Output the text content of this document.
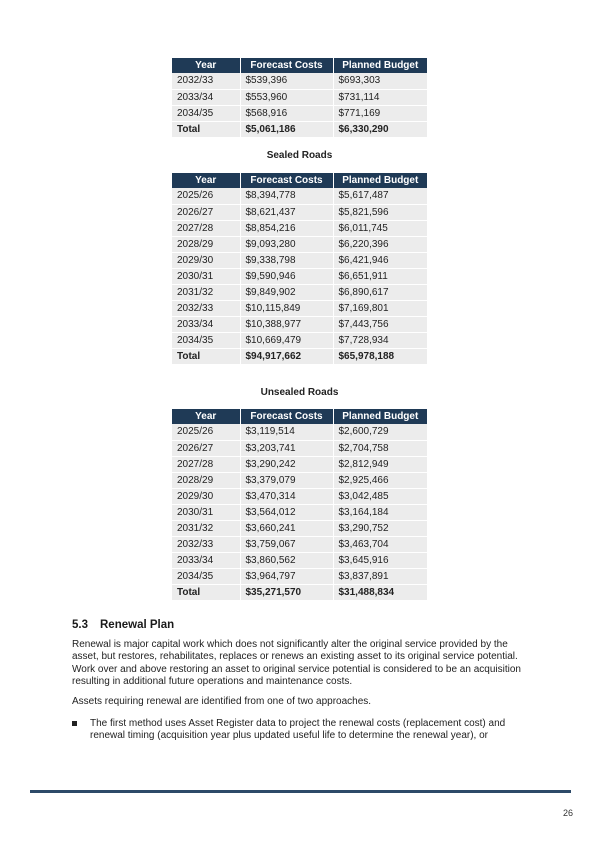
Year	Forecast Costs	Planned Budget
2032/33	$539,396	$693,303
2033/34	$553,960	$731,114
2034/35	$568,916	$771,169
Total	$5,061,186	$6,330,290
Sealed Roads
Year	Forecast Costs	Planned Budget
2025/26	$8,394,778	$5,617,487
2026/27	$8,621,437	$5,821,596
2027/28	$8,854,216	$6,011,745
2028/29	$9,093,280	$6,220,396
2029/30	$9,338,798	$6,421,946
2030/31	$9,590,946	$6,651,911
2031/32	$9,849,902	$6,890,617
2032/33	$10,115,849	$7,169,801
2033/34	$10,388,977	$7,443,756
2034/35	$10,669,479	$7,728,934
Total	$94,917,662	$65,978,188
Unsealed Roads
Year	Forecast Costs	Planned Budget
2025/26	$3,119,514	$2,600,729
2026/27	$3,203,741	$2,704,758
2027/28	$3,290,242	$2,812,949
2028/29	$3,379,079	$2,925,466
2029/30	$3,470,314	$3,042,485
2030/31	$3,564,012	$3,164,184
2031/32	$3,660,241	$3,290,752
2032/33	$3,759,067	$3,463,704
2033/34	$3,860,562	$3,645,916
2034/35	$3,964,797	$3,837,891
Total	$35,271,570	$31,488,834
5.3 Renewal Plan

Renewal is major capital work which does not significantly alter the original service provided by the asset, but restores, rehabilitates, replaces or renews an existing asset to its original service potential. Work over and above restoring an asset to original service potential is considered to be an acquisition resulting in additional future operations and maintenance costs.

Assets requiring renewal are identified from one of two approaches.

The first method uses Asset Register data to project the renewal costs (replacement cost) and renewal timing (acquisition year plus updated useful life to determine the renewal year), or
26
